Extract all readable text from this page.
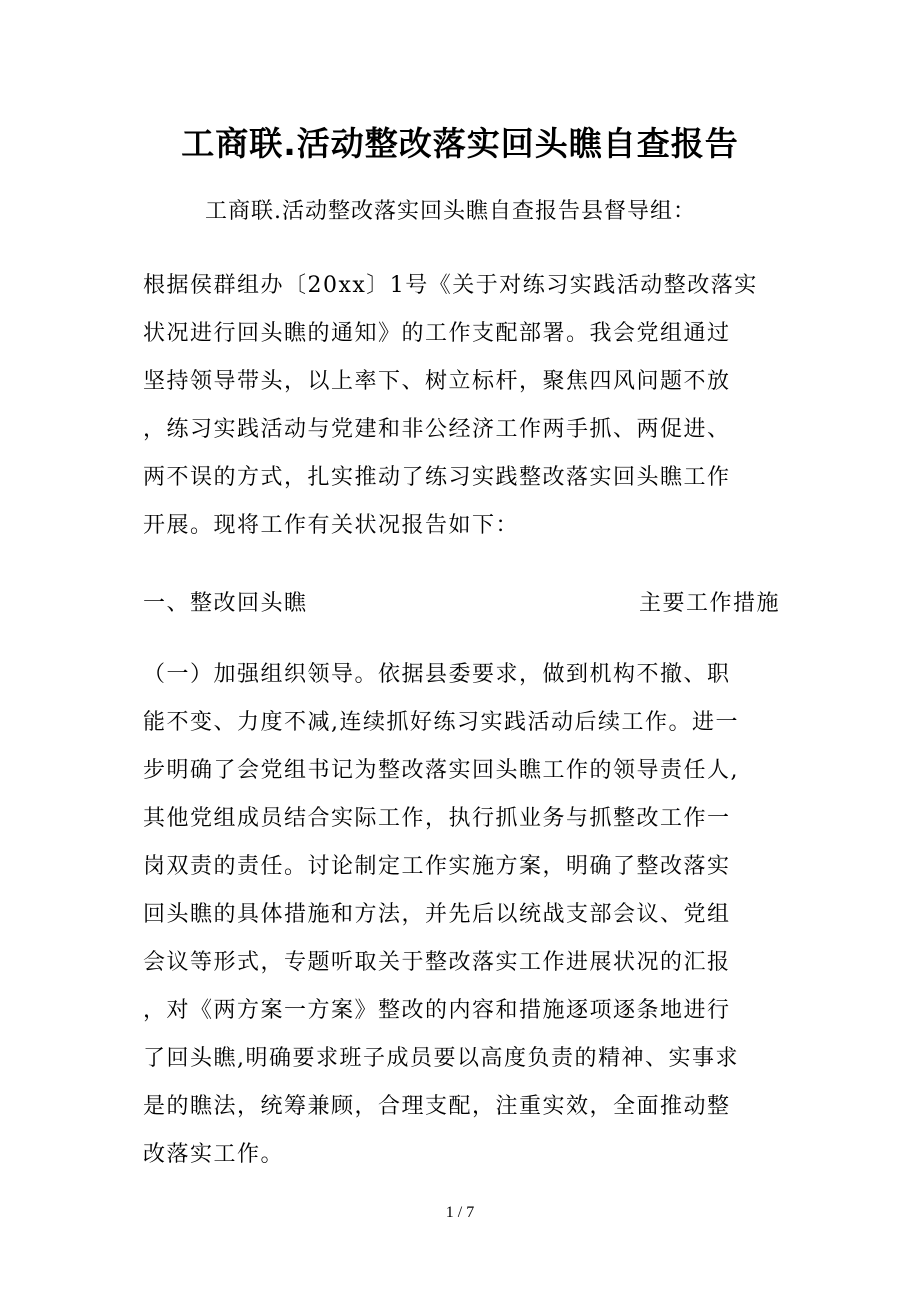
工商联.活动整改落实回头瞧自查报告

工商联.活动整改落实回头瞧自查报告县督导组：

根据侯群组办〔20xx〕1号《关于对练习实践活动整改落实
状况进行回头瞧的通知》的工作支配部署。我会党组通过
坚持领导带头，以上率下、树立标杆，聚焦四风问题不放
，练习实践活动与党建和非公经济工作两手抓、两促进、
两不误的方式，扎实推动了练习实践整改落实回头瞧工作
开展。现将工作有关状况报告如下：
一、整改回头瞧	主要工作措施
（一）加强组织领导。依据县委要求，做到机构不撤、职
能不变、力度不减,连续抓好练习实践活动后续工作。进一
步明确了会党组书记为整改落实回头瞧工作的领导责任人,
其他党组成员结合实际工作，执行抓业务与抓整改工作一
岗双责的责任。讨论制定工作实施方案，明确了整改落实
回头瞧的具体措施和方法，并先后以统战支部会议、党组
会议等形式，专题听取关于整改落实工作进展状况的汇报
，对《两方案一方案》整改的内容和措施逐项逐条地进行
了回头瞧,明确要求班子成员要以高度负责的精神、实事求
是的瞧法，统筹兼顾，合理支配，注重实效，全面推动整
改落实工作。
1 / 7
